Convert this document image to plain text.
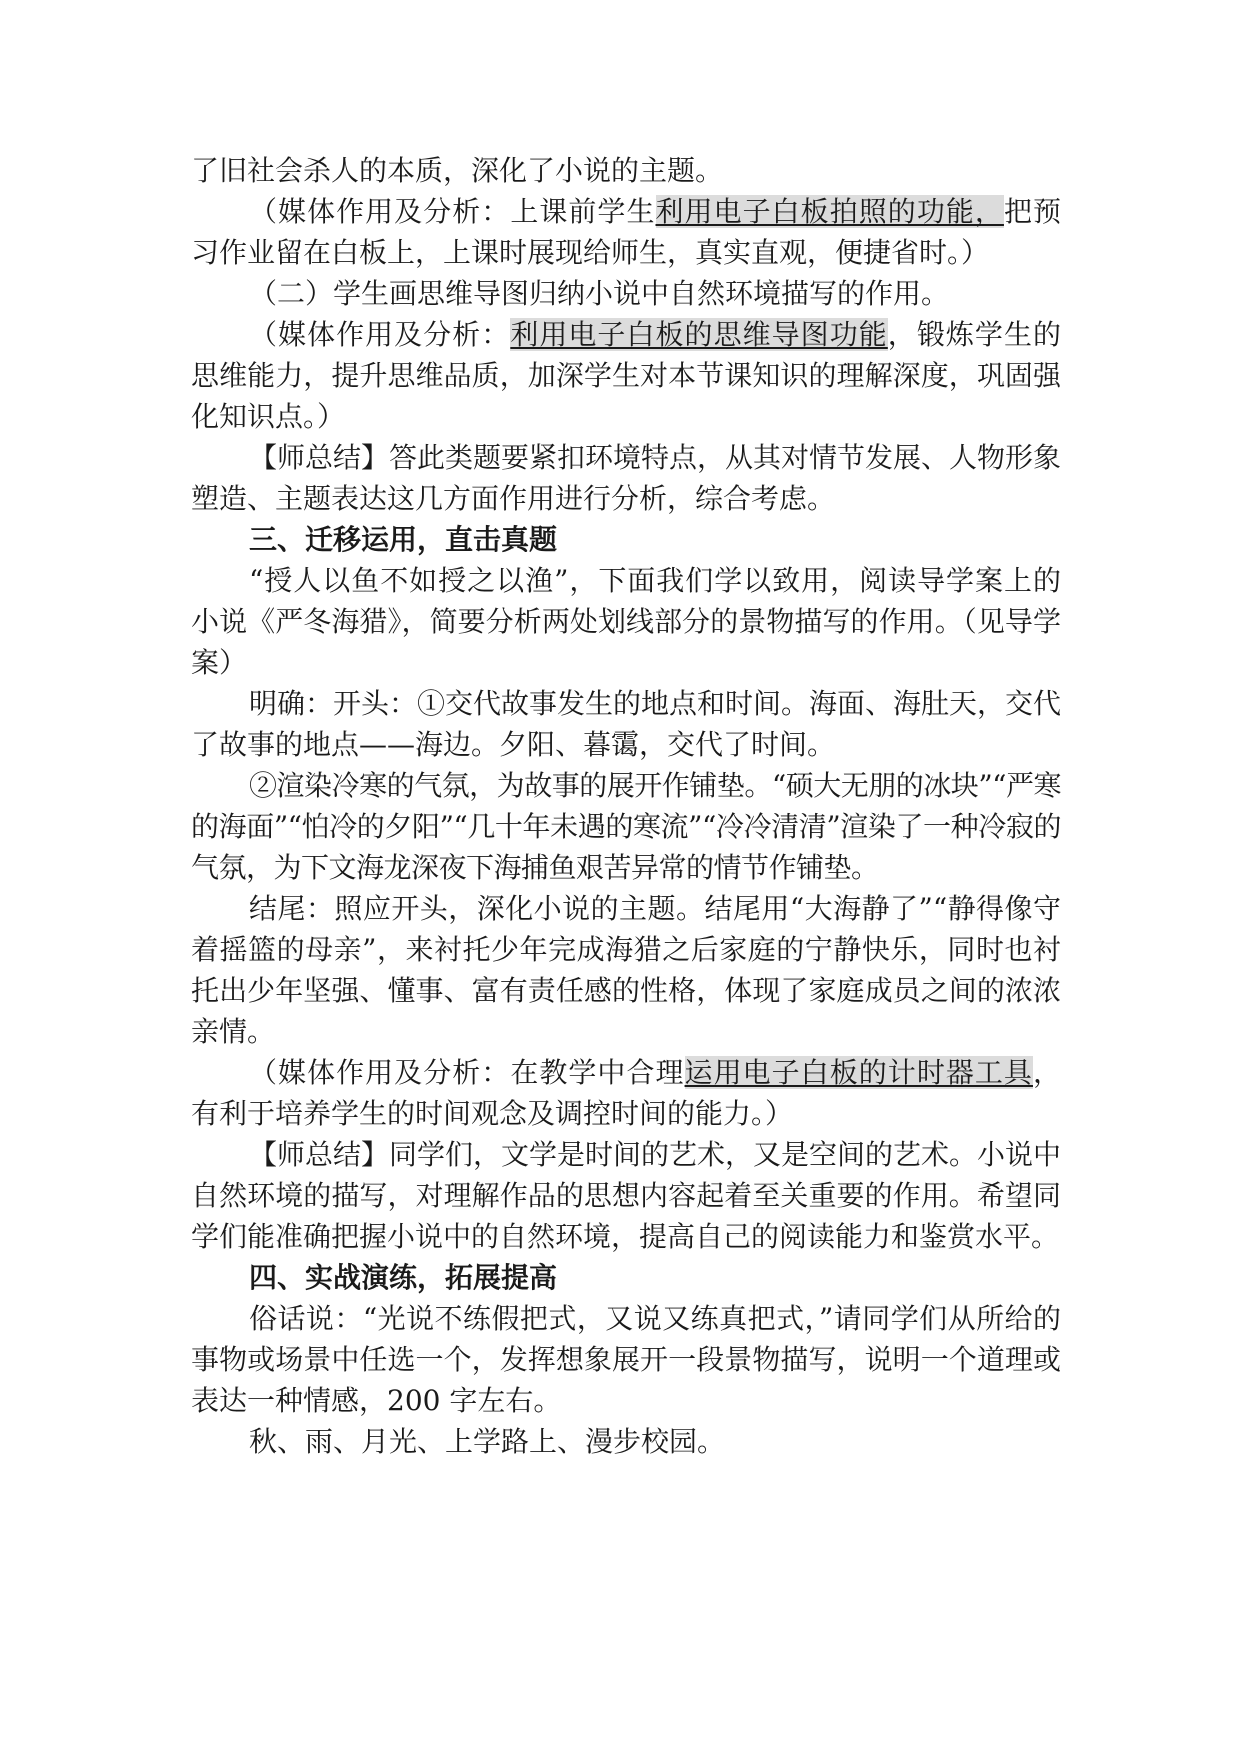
了旧社会杀人的本质，深化了小说的主题。

（媒体作用及分析：上课前学生利用电子白板拍照的功能，把预习作业留在白板上，上课时展现给师生，真实直观，便捷省时。）

（二）学生画思维导图归纳小说中自然环境描写的作用。

（媒体作用及分析：利用电子白板的思维导图功能，锻炼学生的思维能力，提升思维品质，加深学生对本节课知识的理解深度，巩固强化知识点。）

【师总结】答此类题要紧扣环境特点，从其对情节发展、人物形象塑造、主题表达这几方面作用进行分析，综合考虑。

三、迁移运用，直击真题

“授人以鱼不如授之以渔”，下面我们学以致用，阅读导学案上的小说《严冬海猎》，简要分析两处划线部分的景物描写的作用。（见导学案）

明确：开头：①交代故事发生的地点和时间。海面、海肚天，交代了故事的地点——海边。夕阳、暮霭，交代了时间。

②渲染冷寒的气氛，为故事的展开作铺垫。“硕大无朋的冰块”“严寒的海面”“怕冷的夕阳”“几十年未遇的寒流”“冷冷清清”渲染了一种冷寂的气氛，为下文海龙深夜下海捕鱼艰苦异常的情节作铺垫。

结尾：照应开头，深化小说的主题。结尾用“大海静了”“静得像守着摇篮的母亲”，来衬托少年完成海猎之后家庭的宁静快乐，同时也衬托出少年坚强、懂事、富有责任感的性格，体现了家庭成员之间的浓浓亲情。

（媒体作用及分析：在教学中合理运用电子白板的计时器工具，有利于培养学生的时间观念及调控时间的能力。）

【师总结】同学们，文学是时间的艺术，又是空间的艺术。小说中自然环境的描写，对理解作品的思想内容起着至关重要的作用。希望同学们能准确把握小说中的自然环境，提高自己的阅读能力和鉴赏水平。

四、实战演练，拓展提高

俗话说：“光说不练假把式，又说又练真把式，”请同学们从所给的事物或场景中任选一个，发挥想象展开一段景物描写，说明一个道理或表达一种情感，200 字左右。

秋、雨、月光、上学路上、漫步校园。
